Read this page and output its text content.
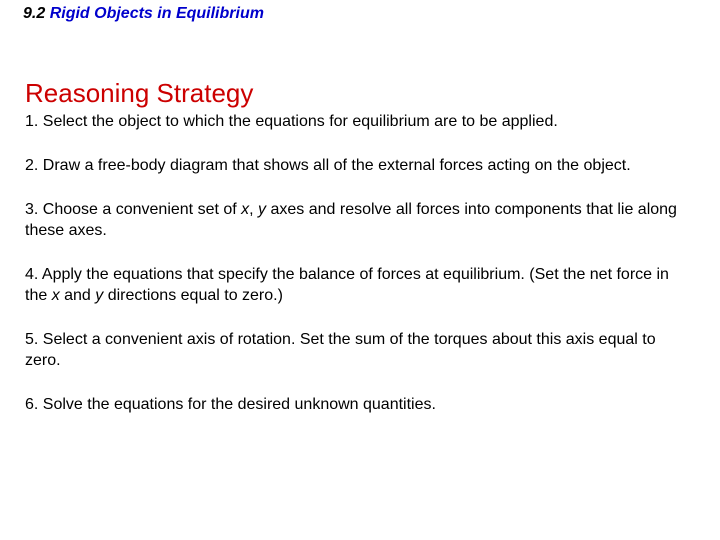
9.2 Rigid Objects in Equilibrium
Reasoning Strategy
1. Select the object to which the equations for equilibrium are to be applied.
2. Draw a free-body diagram that shows all of the external forces acting on the object.
3. Choose a convenient set of x, y axes and resolve all forces into components that lie along these axes.
4. Apply the equations that specify the balance of forces at equilibrium. (Set the net force in the x and y directions equal to zero.)
5. Select a convenient axis of rotation. Set the sum of the torques about this axis equal to zero.
6. Solve the equations for the desired unknown quantities.
